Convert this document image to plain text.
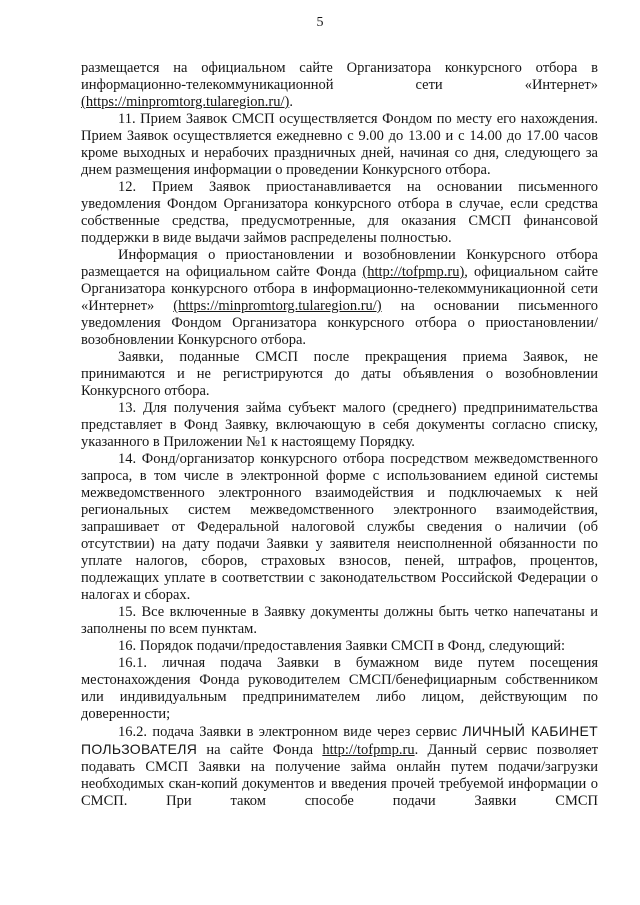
5

размещается на официальном сайте Организатора конкурсного отбора в информационно-телекоммуникационной сети «Интернет» (https://minpromtorg.tularegion.ru/).

11. Прием Заявок СМСП осуществляется Фондом по месту его нахождения. Прием Заявок осуществляется ежедневно с 9.00 до 13.00 и с 14.00 до 17.00 часов кроме выходных и нерабочих праздничных дней, начиная со дня, следующего за днем размещения информации о проведении Конкурсного отбора.

12. Прием Заявок приостанавливается на основании письменного уведомления Фондом Организатора конкурсного отбора в случае, если средства собственные средства, предусмотренные, для оказания СМСП финансовой поддержки в виде выдачи займов распределены полностью.

Информация о приостановлении и возобновлении Конкурсного отбора размещается на официальном сайте Фонда (http://tofpmp.ru), официальном сайте Организатора конкурсного отбора в информационно-телекоммуникационной сети «Интернет» (https://minpromtorg.tularegion.ru/) на основании письменного уведомления Фондом Организатора конкурсного отбора о приостановлении/возобновлении Конкурсного отбора.

Заявки, поданные СМСП после прекращения приема Заявок, не принимаются и не регистрируются до даты объявления о возобновлении Конкурсного отбора.

13. Для получения займа субъект малого (среднего) предпринимательства представляет в Фонд Заявку, включающую в себя документы согласно списку, указанного в Приложении №1 к настоящему Порядку.

14. Фонд/организатор конкурсного отбора посредством межведомственного запроса, в том числе в электронной форме с использованием единой системы межведомственного электронного взаимодействия и подключаемых к ней региональных систем межведомственного электронного взаимодействия, запрашивает от Федеральной налоговой службы сведения о наличии (об отсутствии) на дату подачи Заявки у заявителя неисполненной обязанности по уплате налогов, сборов, страховых взносов, пеней, штрафов, процентов, подлежащих уплате в соответствии с законодательством Российской Федерации о налогах и сборах.

15. Все включенные в Заявку документы должны быть четко напечатаны и заполнены по всем пунктам.

16. Порядок подачи/предоставления Заявки СМСП в Фонд, следующий:

16.1. личная подача Заявки в бумажном виде путем посещения местонахождения Фонда руководителем СМСП/бенефициарным собственником или индивидуальным предпринимателем либо лицом, действующим по доверенности;

16.2. подача Заявки в электронном виде через сервис ЛИЧНЫЙ КАБИНЕТ ПОЛЬЗОВАТЕЛЯ на сайте Фонда http://tofpmp.ru. Данный сервис позволяет подавать СМСП Заявки на получение займа онлайн путем подачи/загрузки необходимых скан-копий документов и введения прочей требуемой информации о СМСП. При таком способе подачи Заявки СМСП
